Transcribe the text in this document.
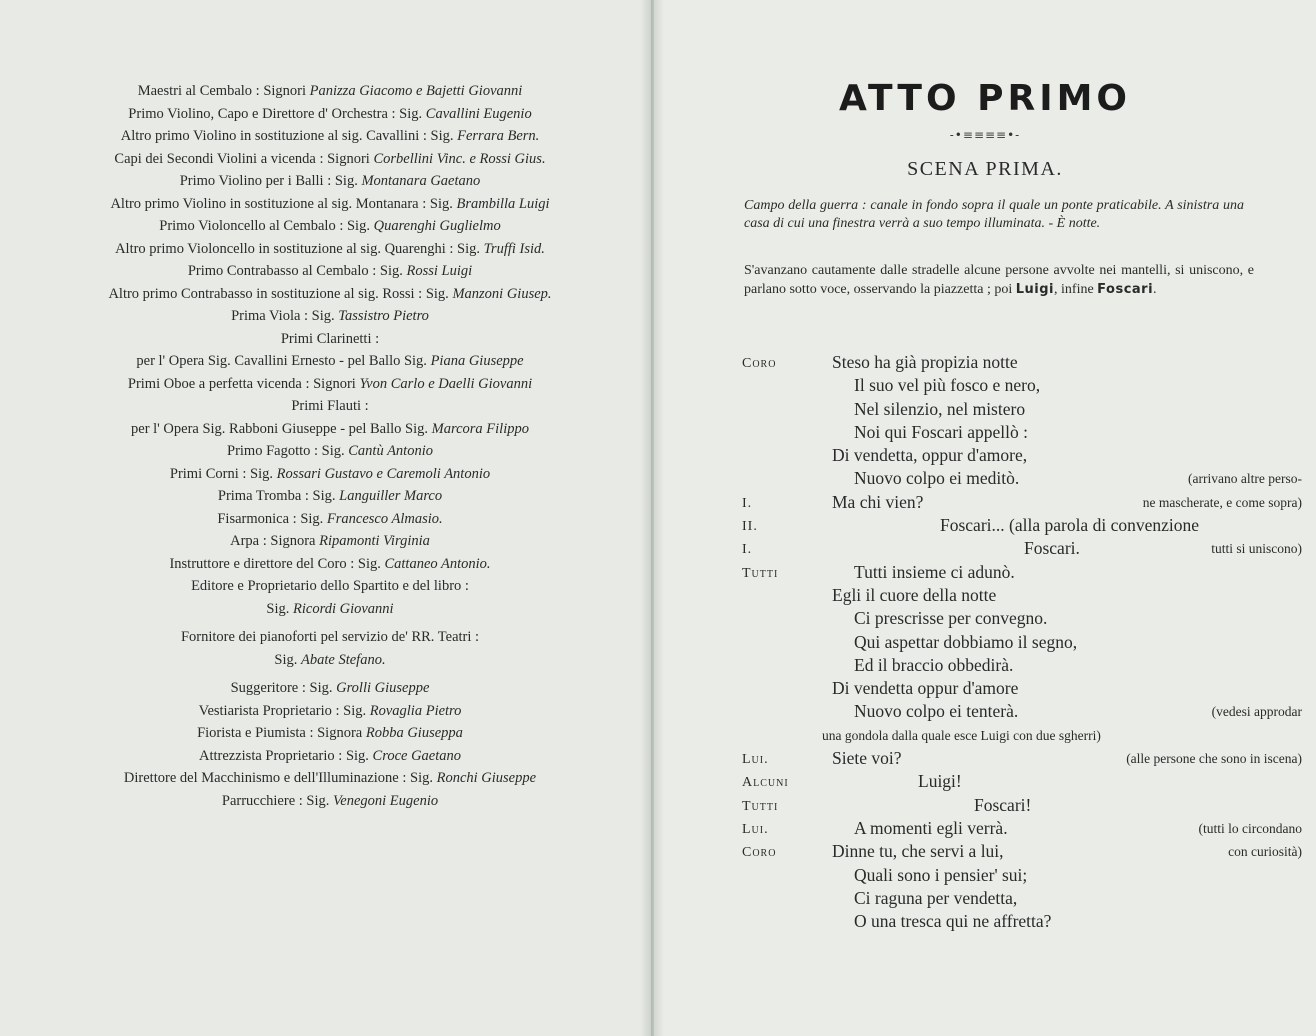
Maestri al Cembalo : Signori Panizza Giacomo e Bajetti Giovanni
Primo Violino, Capo e Direttore d' Orchestra : Sig. Cavallini Eugenio
Altro primo Violino in sostituzione al sig. Cavallini : Sig. Ferrara Bern.
Capi dei Secondi Violini a vicenda : Signori Corbellini Vinc. e Rossi Gius.
Primo Violino per i Balli : Sig. Montanara Gaetano
Altro primo Violino in sostituzione al sig. Montanara : Sig. Brambilla Luigi
Primo Violoncello al Cembalo : Sig. Quarenghi Guglielmo
Altro primo Violoncello in sostituzione al sig. Quarenghi : Sig. Truffi Isid.
Primo Contrabasso al Cembalo : Sig. Rossi Luigi
Altro primo Contrabasso in sostituzione al sig. Rossi : Sig. Manzoni Giusep.
Prima Viola : Sig. Tassistro Pietro
Primi Clarinetti :
per l' Opera Sig. Cavallini Ernesto - pel Ballo Sig. Piana Giuseppe
Primi Oboe a perfetta vicenda : Signori Yvon Carlo e Daelli Giovanni
Primi Flauti :
per l' Opera Sig. Rabboni Giuseppe - pel Ballo Sig. Marcora Filippo
Primo Fagotto : Sig. Cantù Antonio
Primi Corni : Sig. Rossari Gustavo e Caremoli Antonio
Prima Tromba : Sig. Languiller Marco
Fisarmonica : Sig. Francesco Almasio.
Arpa : Signora Ripamonti Virginia
Instruttore e direttore del Coro : Sig. Cattaneo Antonio.
Editore e Proprietario dello Spartito e del libro :
Sig. Ricordi Giovanni
Fornitore dei pianoforti pel servizio de' RR. Teatri :
Sig. Abate Stefano.
Suggeritore : Sig. Grolli Giuseppe
Vestiarista Proprietario : Sig. Rovaglia Pietro
Fiorista e Piumista : Signora Robba Giuseppa
Attrezzista Proprietario : Sig. Croce Gaetano
Direttore del Macchinismo e dell'Illuminazione : Sig. Ronchi Giuseppe
Parrucchiere : Sig. Venegoni Eugenio
ATTO PRIMO
-•≡≡≡≡•-
SCENA PRIMA.
Campo della guerra : canale in fondo sopra il quale un ponte praticabile. A sinistra una casa di cui una finestra verrà a suo tempo illuminata. - È notte.
S'avanzano cautamente dalle stradelle alcune persone avvolte nei mantelli, si uniscono, e parlano sotto voce, osservando la piazzetta ; poi Luigi, infine Foscari.
Coro	Steso ha già propizia notte
Il suo vel più fosco e nero,
Nel silenzio, nel mistero
Noi qui Foscari appellò :
Di vendetta, oppur d'amore,
Nuovo colpo ei meditò.	(arrivano altre perso-
I.	Ma chi vien?	ne mascherate, e come sopra)
II.	Foscari... (alla parola di convenzione
I.	Foscari.	tutti si uniscono)
Tutti	Tutti insieme ci adunò.
Egli il cuore della notte
Ci prescrisse per convegno.
Qui aspettar dobbiamo il segno,
Ed il braccio obbedirà.
Di vendetta oppur d'amore
Nuovo colpo ei tenterà.	(vedesi approdar
una gondola dalla quale esce Luigi con due sgherri)
Lui.	Siete voi?	(alle persone che sono in iscena)
Alcuni	Luigi!
Tutti	Foscari!
Lui.	A momenti egli verrà.	(tutti lo circondano
Coro	Dinne tu, che servi a lui,	con curiosità)
Quali sono i pensier' sui;
Ci raguna per vendetta,
O una tresca qui ne affretta?
